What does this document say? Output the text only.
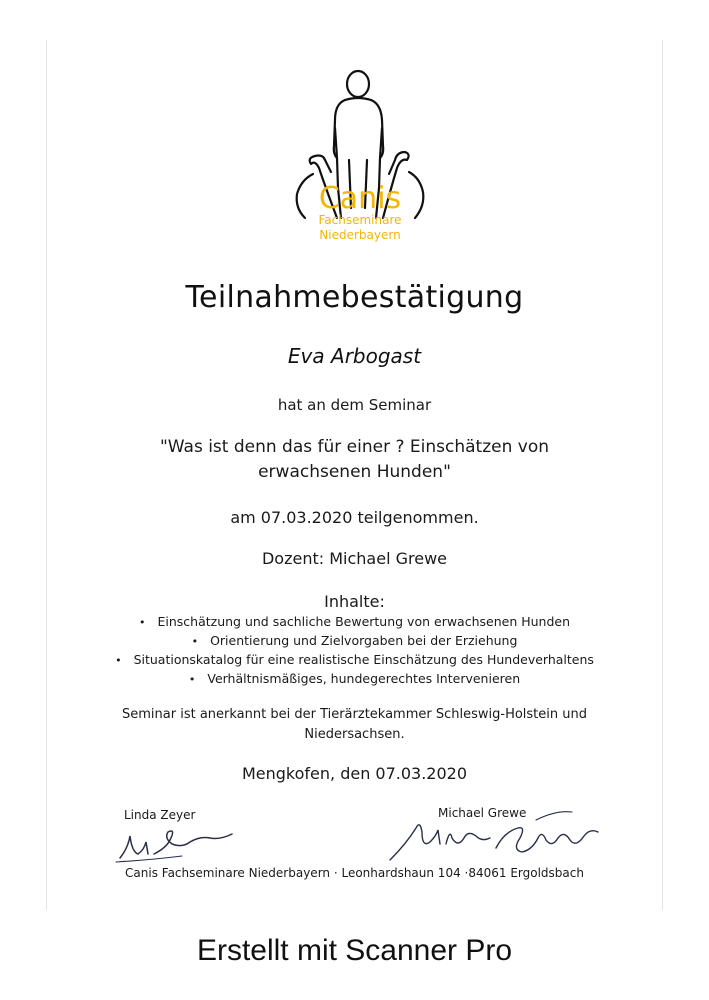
Canis
Fachseminare
Niederbayern
Teilnahmebestätigung
Eva Arbogast
hat an dem Seminar
"Was ist denn das für einer ? Einschätzen von
erwachsenen Hunden"
am 07.03.2020 teilgenommen.
Dozent: Michael Grewe
Inhalte:
• Einschätzung und sachliche Bewertung von erwachsenen Hunden
• Orientierung und Zielvorgaben bei der Erziehung
• Situationskatalog für eine realistische Einschätzung des Hundeverhaltens
• Verhältnismäßiges, hundegerechtes Intervenieren
Seminar ist anerkannt bei der Tierärztekammer Schleswig-Holstein und
Niedersachsen.
Mengkofen, den 07.03.2020
Linda Zeyer	Michael Grewe
Canis Fachseminare Niederbayern · Leonhardshaun 104 ·84061 Ergoldsbach
Erstellt mit Scanner Pro
